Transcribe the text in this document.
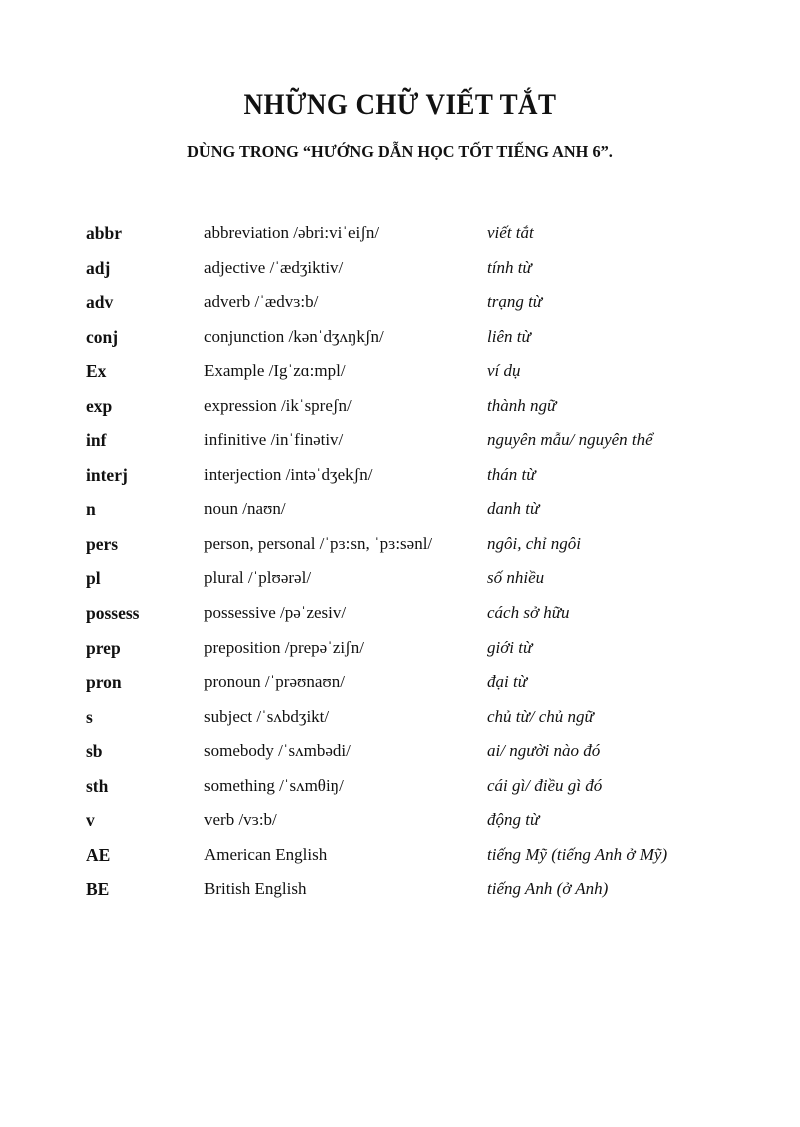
NHỮNG CHỮ VIẾT TẮT
DÙNG TRONG “HƯỚNG DẪN HỌC TỐT TIẾNG ANH 6”.
abbr	abbreviation /əbri:viˈeiʃn/	viết tắt
adj	adjective /ˈædʒiktiv/	tính từ
adv	adverb /ˈædvɜ:b/	trạng từ
conj	conjunction /kənˈdʒʌŋkʃn/	liên từ
Ex	Example /Igˈzɑ:mpl/	ví dụ
exp	expression /ikˈspreʃn/	thành ngữ
inf	infinitive /inˈfinətiv/	nguyên mẫu/ nguyên thể
interj	interjection /intəˈdʒekʃn/	thán từ
n	noun /naʊn/	danh từ
pers	person, personal /ˈpɜ:sn, ˈpɜ:sənl/	ngôi, chỉ ngôi
pl	plural /ˈplʊərəl/	số nhiều
possess	possessive /pəˈzesiv/	cách sở hữu
prep	preposition /prepəˈziʃn/	giới từ
pron	pronoun /ˈprəʊnaʊn/	đại từ
s	subject /ˈsʌbdʒikt/	chủ từ/ chủ ngữ
sb	somebody /ˈsʌmbədi/	ai/ người nào đó
sth	something /ˈsʌmθiŋ/	cái gì/ điều gì đó
v	verb /vɜ:b/	động từ
AE	American English	tiếng Mỹ (tiếng Anh ở Mỹ)
BE	British English	tiếng Anh (ở Anh)
